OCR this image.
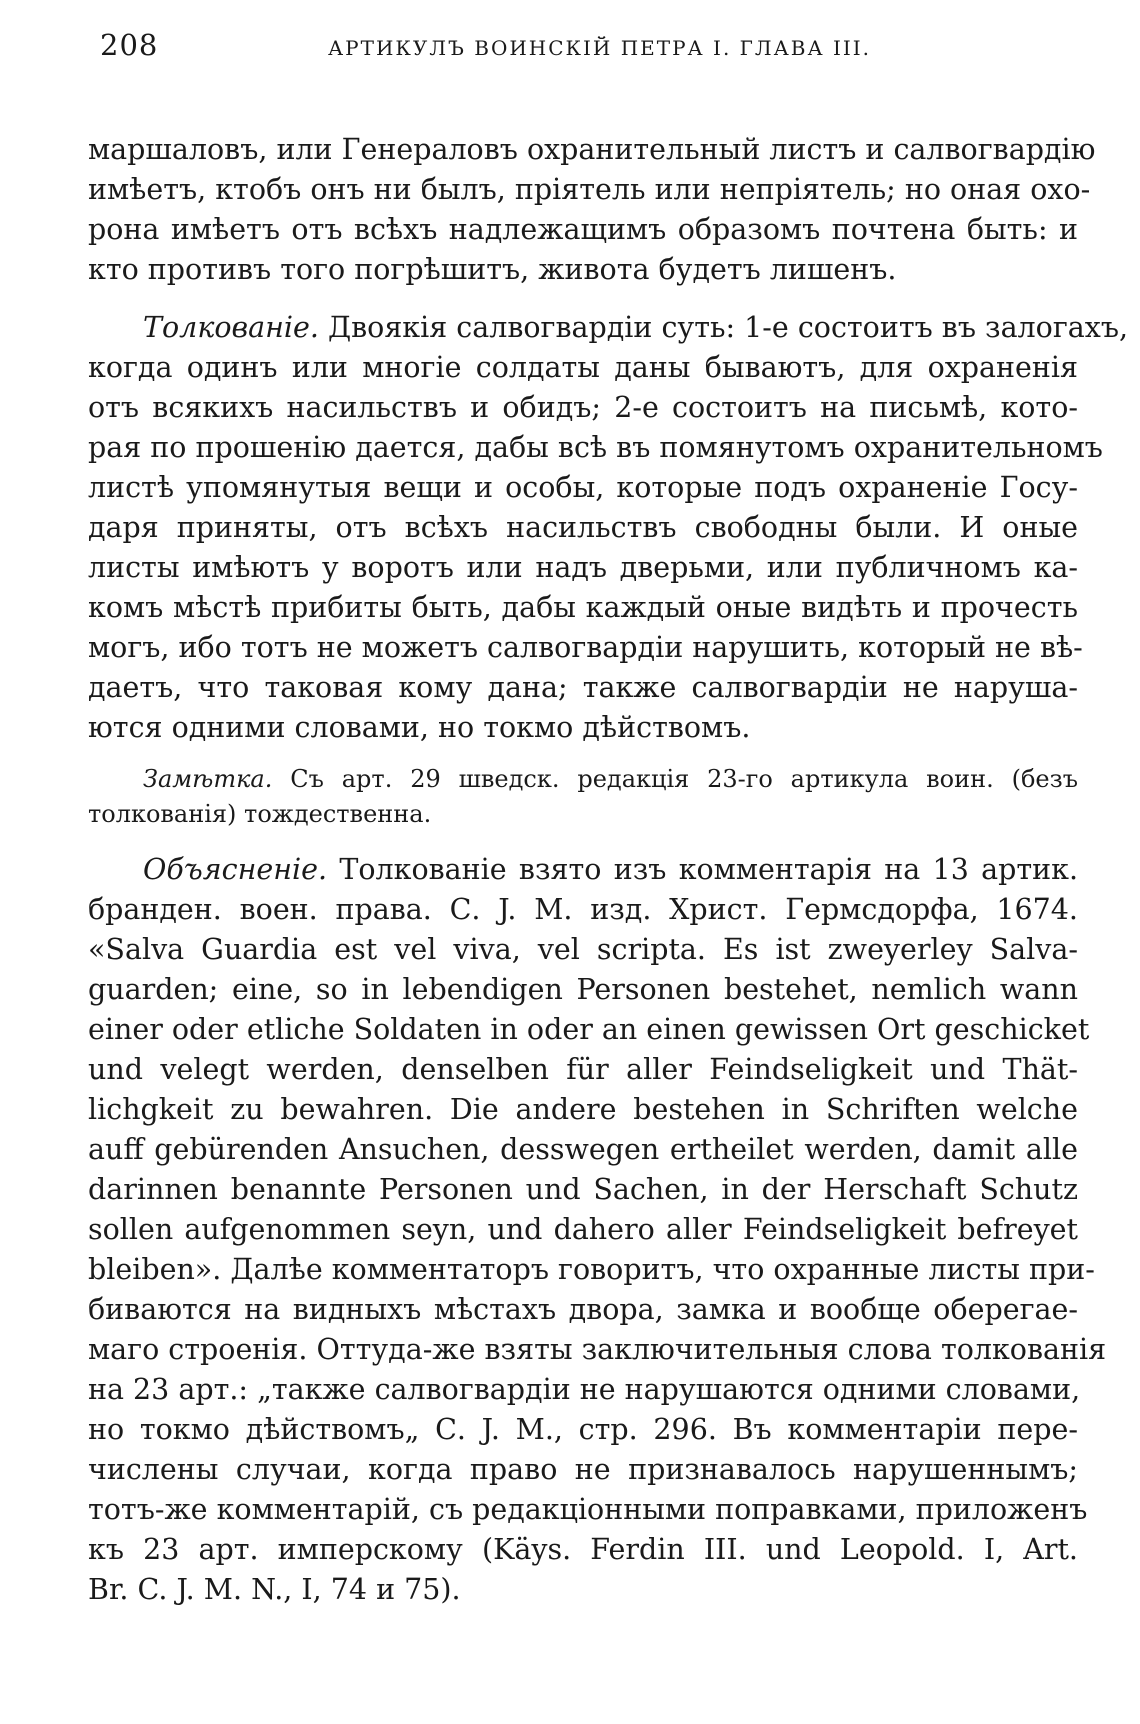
208	АРТИКУЛЪ ВОИНСКІЙ ПЕТРА I. ГЛАВА III.
маршаловъ, или Генераловъ охранительный листъ и салвогвардію
имѣетъ, ктобъ онъ ни былъ, пріятель или непріятель; но оная охо-
рона имѣетъ отъ всѣхъ надлежащимъ образомъ почтена быть: и
кто противъ того погрѣшитъ, живота будетъ лишенъ.
Толкованіе. Двоякія салвогвардіи суть: 1-е состоитъ въ залогахъ,
когда одинъ или многіе солдаты даны бываютъ, для охраненія
отъ всякихъ насильствъ и обидъ; 2-е состоитъ на письмѣ, кото-
рая по прошенію дается, дабы всѣ въ помянутомъ охранительномъ
листѣ упомянутыя вещи и особы, которые подъ охраненіе Госу-
даря приняты, отъ всѣхъ насильствъ свободны были. И оные
листы имѣютъ у воротъ или надъ дверьми, или публичномъ ка-
комъ мѣстѣ прибиты быть, дабы каждый оные видѣть и прочесть
могъ, ибо тотъ не можетъ салвогвардіи нарушить, который не вѣ-
даетъ, что таковая кому дана; также салвогвардіи не наруша-
ются одними словами, но токмо дѣйствомъ.
Замѣтка. Съ арт. 29 шведск. редакція 23-го артикула воин. (безъ
толкованія) тождественна.
Объясненіе. Толкованіе взято изъ комментарія на 13 артик.
бранден. воен. права. С. J. M. изд. Христ. Гермсдорфа, 1674.
«Salva Guardia est vel viva, vel scripta. Es ist zweyerley Salva-
guarden; eine, so in lebendigen Personen bestehet, nemlich wann
einer oder etliche Soldaten in oder an einen gewissen Ort geschicket
und velegt werden, denselben für aller Feindseligkeit und Thät-
lichgkeit zu bewahren. Die andere bestehen in Schriften welche
auff gebürenden Ansuchen, desswegen ertheilet werden, damit alle
darinnen benannte Personen und Sachen, in der Herschaft Schutz
sollen aufgenommen seyn, und dahero aller Feindseligkeit befreyet
bleiben». Далѣе комментаторъ говоритъ, что охранные листы при-
биваются на видныхъ мѣстахъ двора, замка и вообще оберегае-
маго строенія. Оттуда-же взяты заключительныя слова толкованія
на 23 арт.: „также салвогвардіи не нарушаются одними словами,
но токмо дѣйствомъ„ С. J. M., стр. 296. Въ комментаріи пере-
числены случаи, когда право не признавалось нарушеннымъ;
тотъ-же комментарій, съ редакціонными поправками, приложенъ
къ 23 арт. имперскому (Käys. Ferdin III. und Leopold. I, Art.
Br. C. J. M. N., I, 74 и 75).
